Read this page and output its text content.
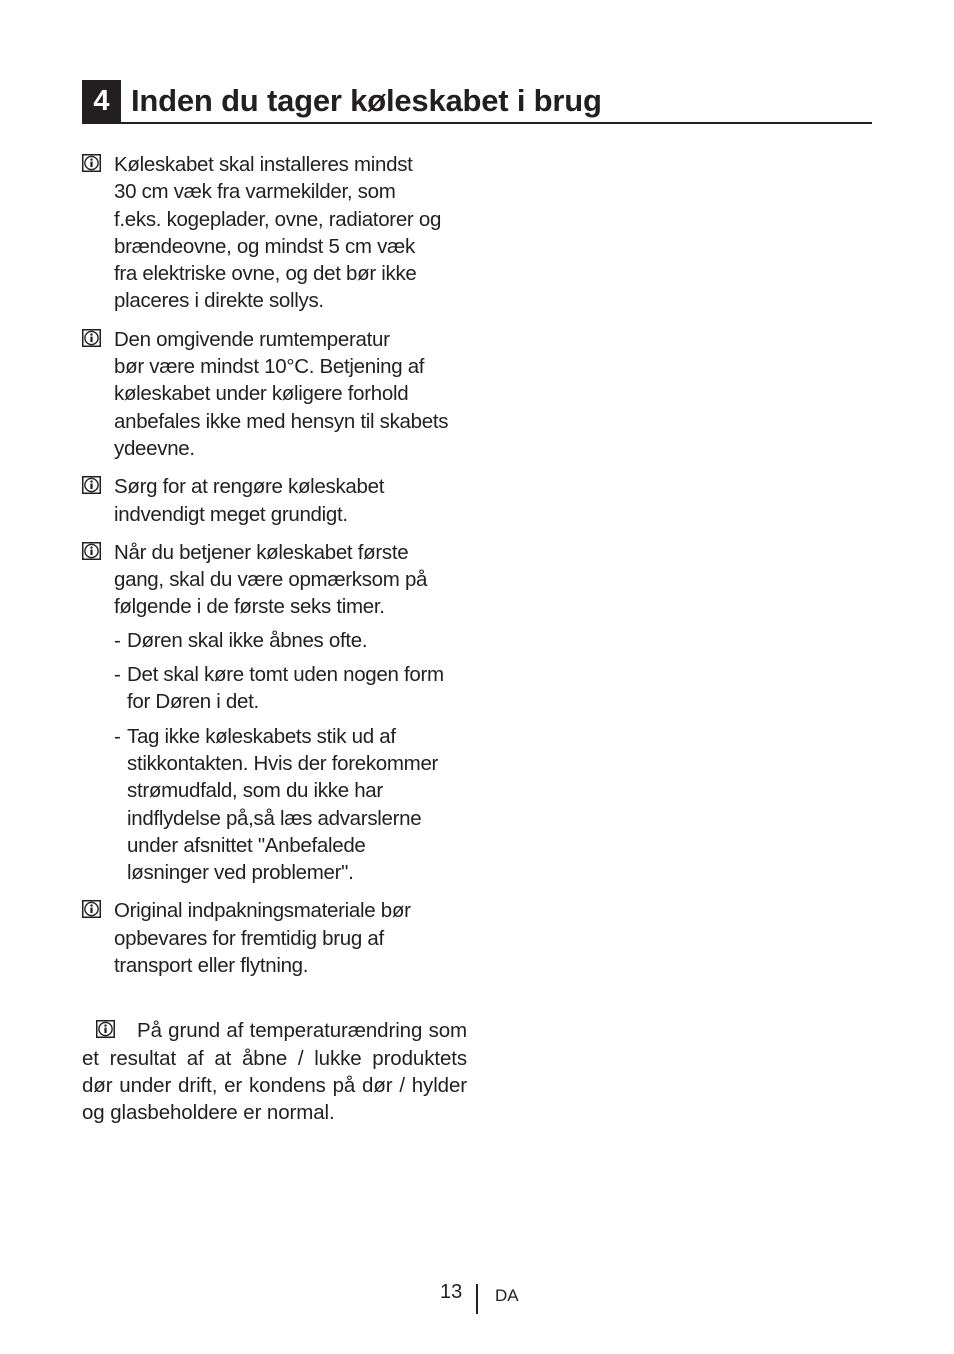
4 Inden du tager køleskabet i brug
Køleskabet skal installeres mindst
30 cm væk fra varmekilder, som
f.eks. kogeplader, ovne, radiatorer og
brændeovne, og mindst 5 cm væk
fra elektriske ovne, og det bør ikke
placeres i direkte sollys.
Den omgivende rumtemperatur
bør være mindst 10°C. Betjening af
køleskabet under køligere forhold
anbefales ikke med hensyn til skabets
ydeevne.
Sørg for at rengøre køleskabet
indvendigt meget grundigt.
Når du betjener køleskabet første
gang, skal du være opmærksom på
følgende i de første seks timer.
- Døren skal ikke åbnes ofte.
- Det skal køre tomt uden nogen form
for Døren i det.
- Tag ikke køleskabets stik ud af
stikkontakten. Hvis der forekommer
strømudfald, som du ikke har
indflydelse på,så læs advarslerne
under afsnittet "Anbefalede
løsninger ved problemer".
Original indpakningsmateriale bør
opbevares for fremtidig brug af
transport eller flytning.
På grund af temperaturændring som et resultat af at åbne / lukke produktets dør under drift, er kondens på dør / hylder og glasbeholdere er normal.
13 DA
